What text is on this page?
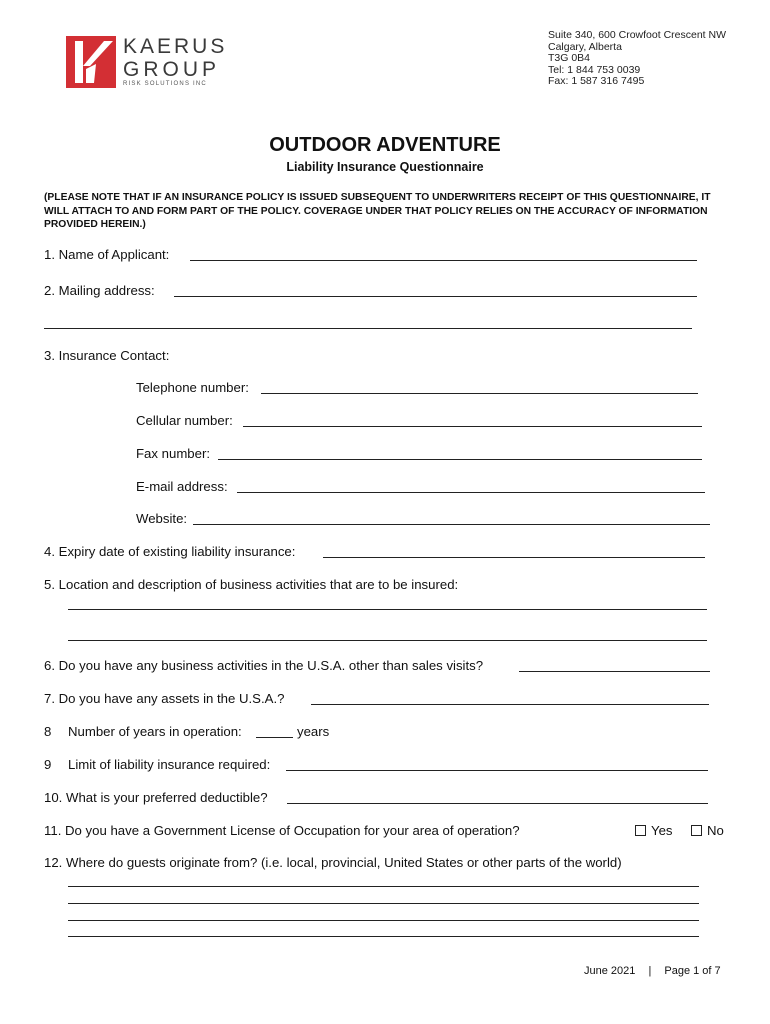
KAERUS
GROUP
RISK SOLUTIONS INC
Suite 340, 600 Crowfoot Crescent NW
Calgary, Alberta
T3G 0B4
Tel: 1 844 753 0039
Fax: 1 587 316 7495
OUTDOOR ADVENTURE
Liability Insurance Questionnaire
(PLEASE NOTE THAT IF AN INSURANCE POLICY IS ISSUED SUBSEQUENT TO UNDERWRITERS RECEIPT OF THIS QUESTIONNAIRE, IT WILL ATTACH TO AND FORM PART OF THE POLICY. COVERAGE UNDER THAT POLICY RELIES ON THE ACCURACY OF INFORMATION PROVIDED HEREIN.)
1. Name of Applicant:
2. Mailing address:
3. Insurance Contact:
Telephone number:
Cellular number:
Fax number:
E-mail address:
Website:
4. Expiry date of existing liability insurance:
5. Location and description of business activities that are to be insured:
6. Do you have any business activities in the U.S.A. other than sales visits?
7. Do you have any assets in the U.S.A.?
8 Number of years in operation:	years
9 Limit of liability insurance required:
10. What is your preferred deductible?
11. Do you have a Government License of Occupation for your area of operation?	Yes	No
12. Where do guests originate from? (i.e. local, provincial, United States or other parts of the world)
June 2021 | Page 1 of 7
